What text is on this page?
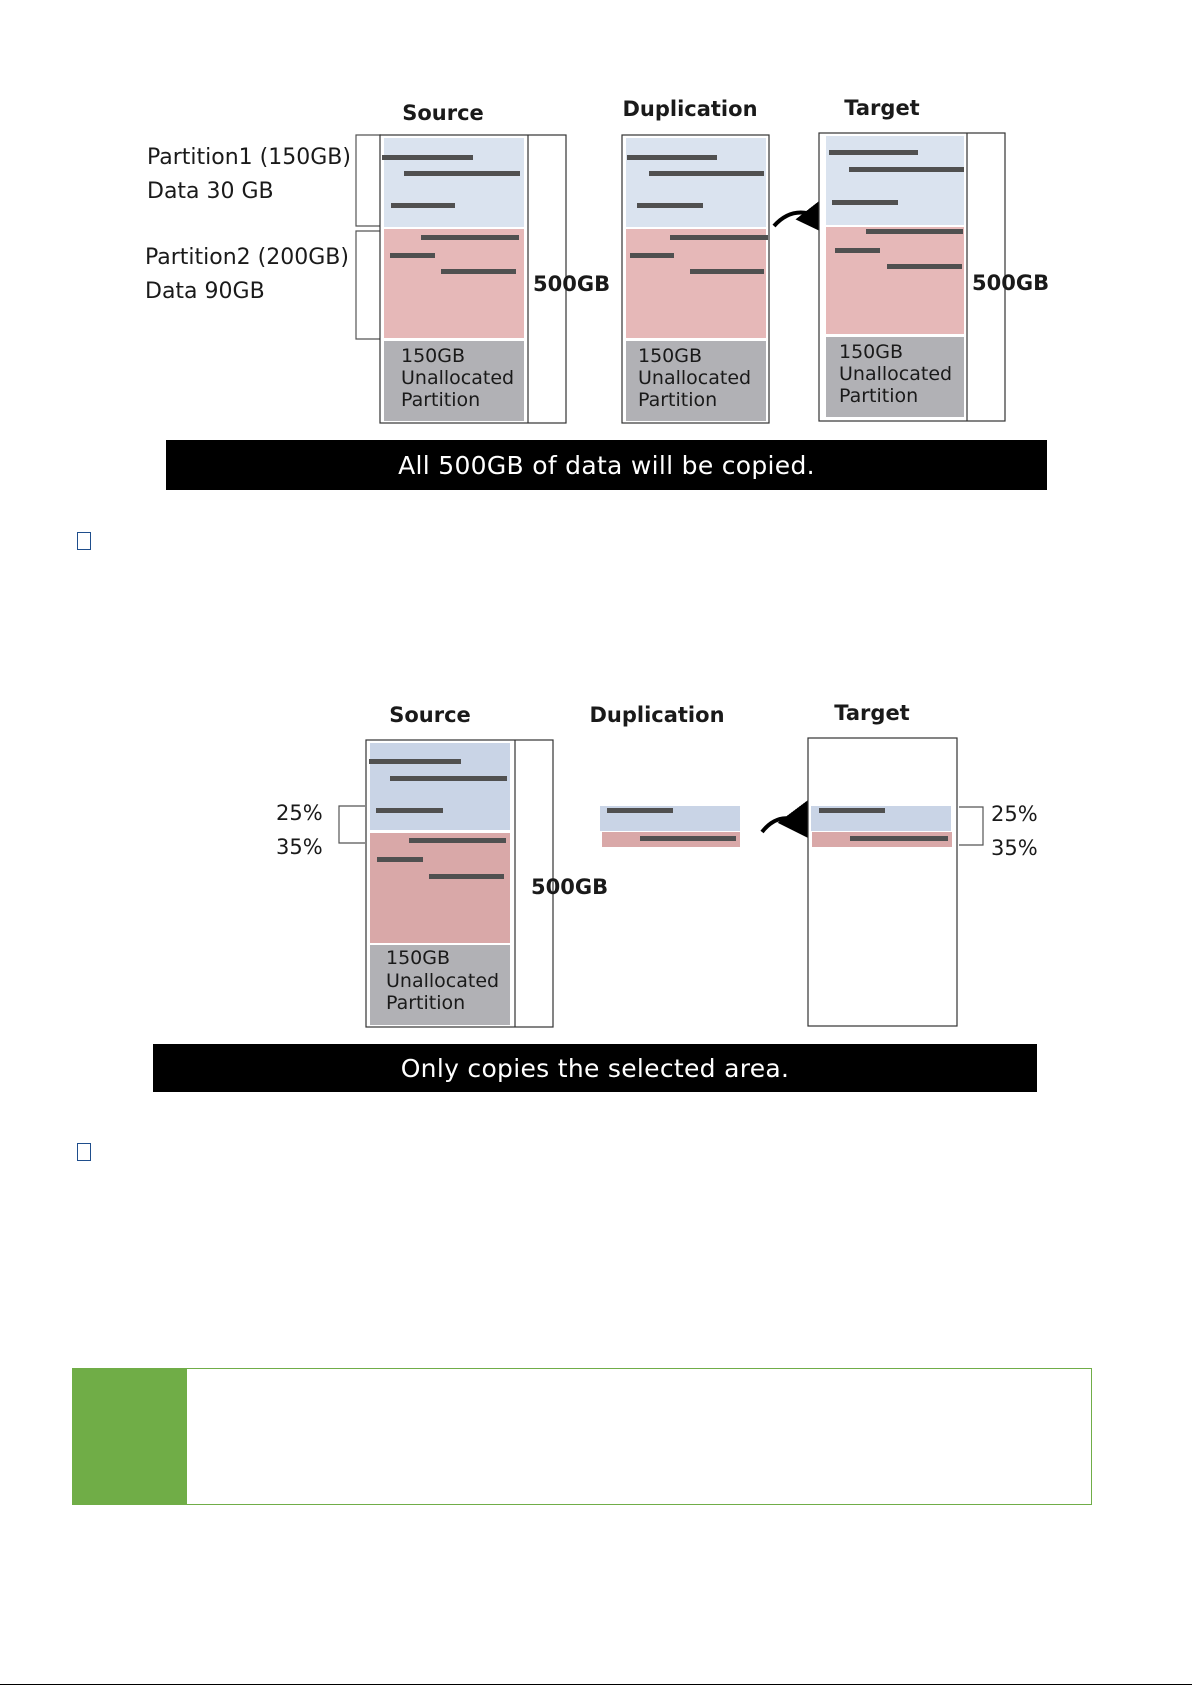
Source	Duplication	Target
Partition1 (150GB)
Data 30 GB
Partition2 (200GB)
Data 90GB
150GB
Unallocated
Partition
500GB
150GB
Unallocated
Partition
150GB
Unallocated
Partition
500GB
Source	Duplication	Target
25%
35%
150GB
Unallocated
Partition
500GB
25%
35%
All 500GB of data will be copied.
Only copies the selected area.
